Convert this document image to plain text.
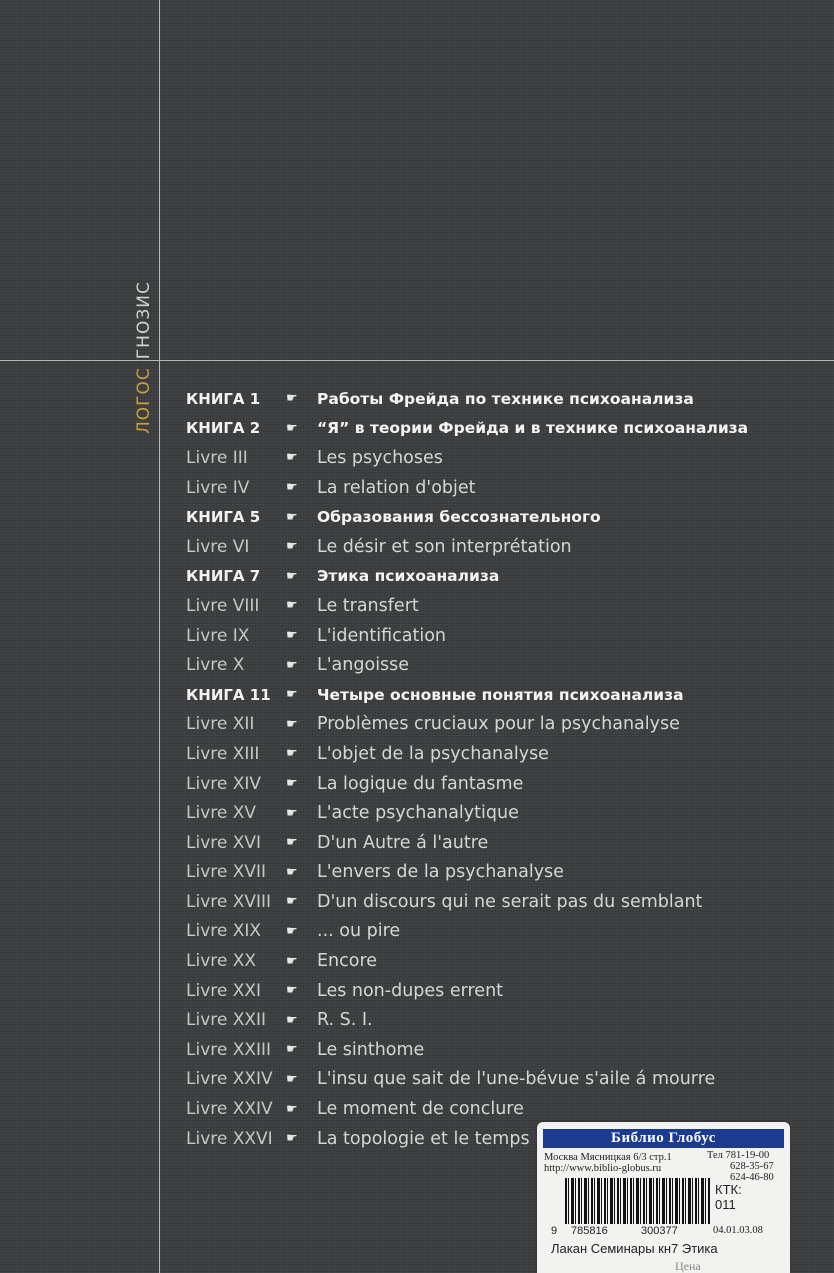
ЛОГОСГНОЗИС
КНИГА 1	☛	Работы Фрейда по технике психоанализа
КНИГА 2	☛	“Я” в теории Фрейда и в технике психоанализа
Livre III	☛	Les psychoses
Livre IV	☛	La relation d'objet
КНИГА 5	☛	Образования бессознательного
Livre VI	☛	Le désir et son interprétation
КНИГА 7	☛	Этика психоанализа
Livre VIII	☛	Le transfert
Livre IX	☛	L'identification
Livre X	☛	L'angoisse
КНИГА 11	☛	Четыре основные понятия психоанализа
Livre XII	☛	Problèmes cruciaux pour la psychanalyse
Livre XIII	☛	L'objet de la psychanalyse
Livre XIV	☛	La logique du fantasme
Livre XV	☛	L'acte psychanalytique
Livre XVI	☛	D'un Autre á l'autre
Livre XVII	☛	L'envers de la psychanalyse
Livre XVIII	☛	D'un discours qui ne serait pas du semblant
Livre XIX	☛	... ou pire
Livre XX	☛	Encore
Livre XXI	☛	Les non-dupes errent
Livre XXII	☛	R. S. I.
Livre XXIII	☛	Le sinthome
Livre XXIV	☛	L'insu que sait de l'une-bévue s'aile á mourre
Livre XXIV	☛	Le moment de conclure
Livre XXVI	☛	La topologie et le temps	Библио Глобус
Москва Мясницкая 6/3 стр.1
http://www.biblio-globus.ru
Тел 781-19-00
628-35-67
624-46-80
9 785816	300377
КТК:
011
04.01.03.08
Лакан Семинары кн7 Этика
Цена
